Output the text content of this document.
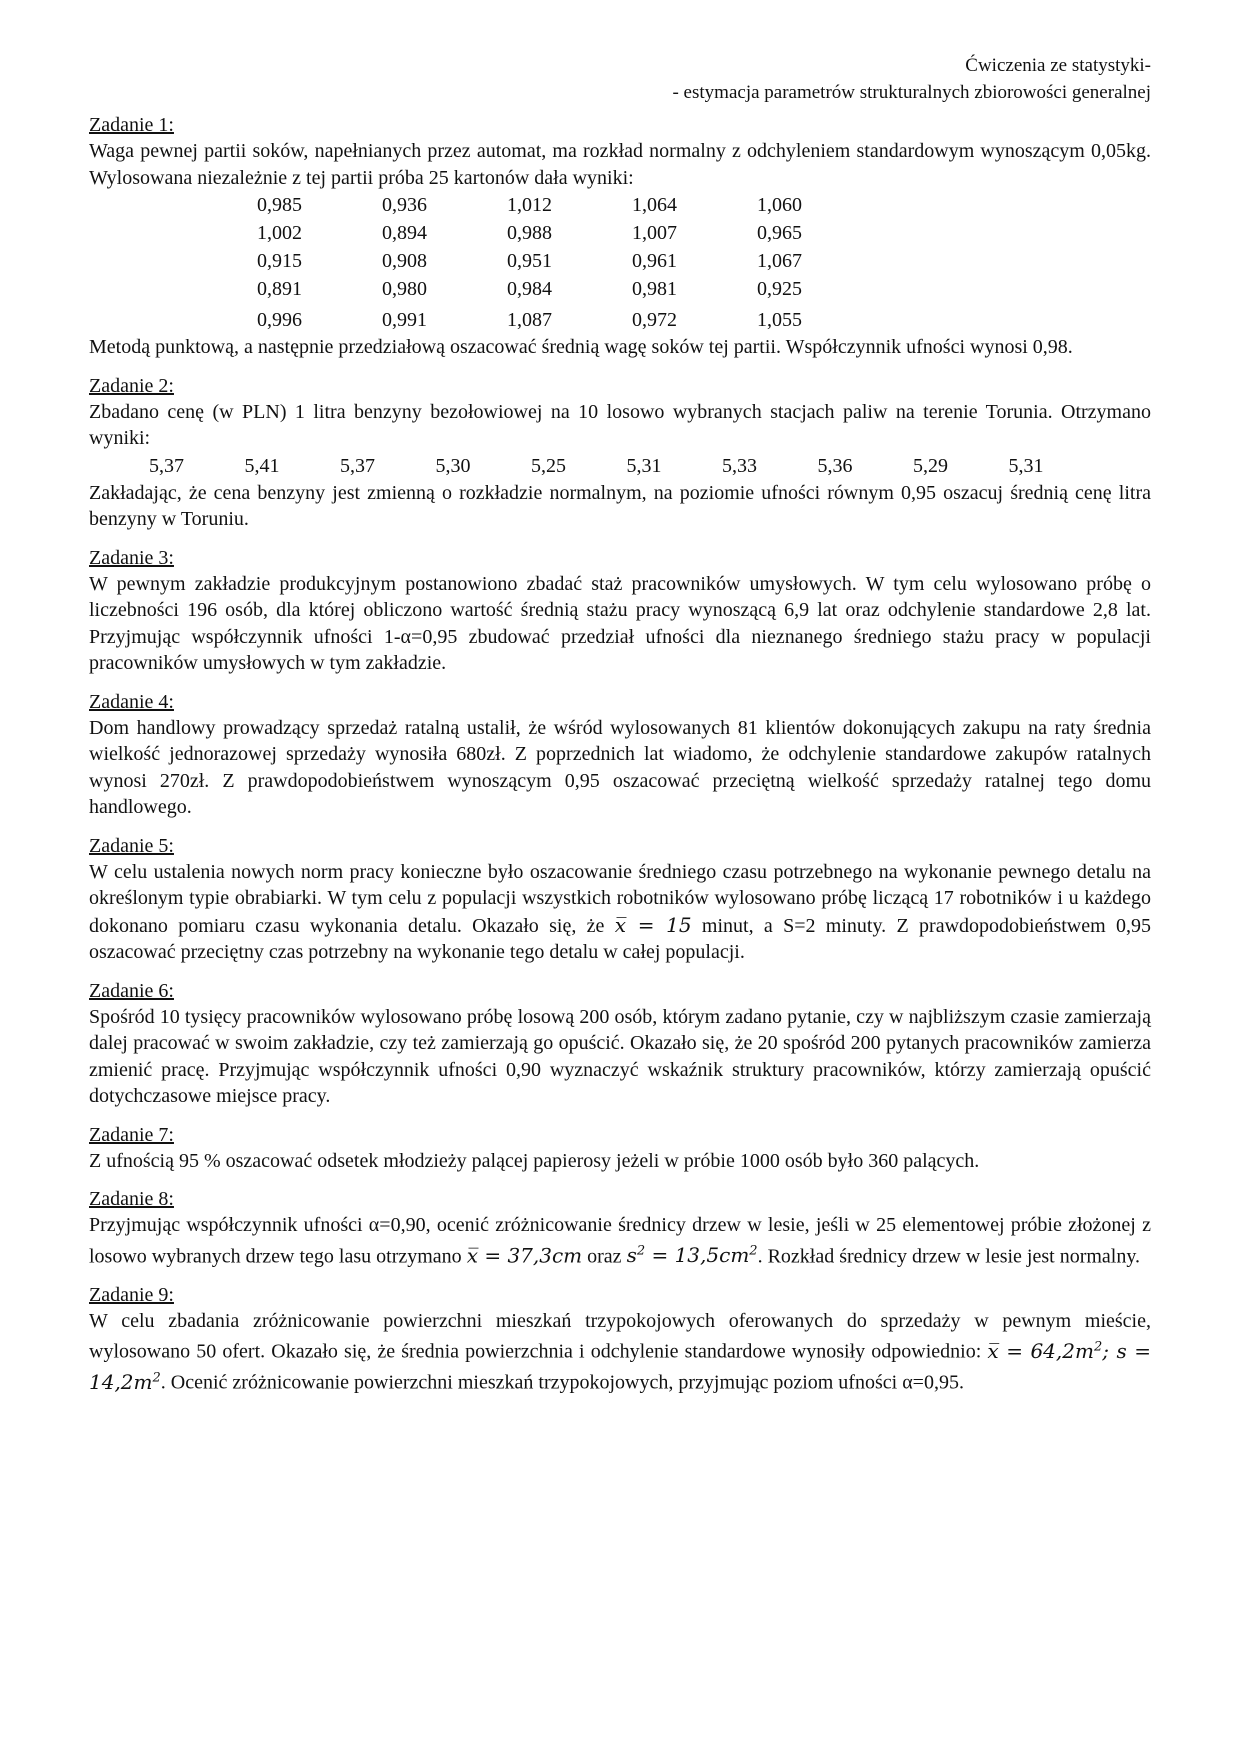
Ćwiczenia ze statystyki-
- estymacja parametrów strukturalnych zbiorowości generalnej
Zadanie 1:

Waga pewnej partii soków, napełnianych przez automat, ma rozkład normalny z odchyleniem standardowym wynoszącym 0,05kg. Wylosowana niezależnie z tej partii próba 25 kartonów dała wyniki:

0,985	0,936	1,012	1,064	1,060
1,002	0,894	0,988	1,007	0,965
0,915	0,908	0,951	0,961	1,067
0,891	0,980	0,984	0,981	0,925
0,996	0,991	1,087	0,972	1,055

Metodą punktową, a następnie przedziałową oszacować średnią wagę soków tej partii. Współczynnik ufności wynosi 0,98.

Zadanie 2:

Zbadano cenę (w PLN) 1 litra benzyny bezołowiowej na 10 losowo wybranych stacjach paliw na terenie Torunia. Otrzymano wyniki:

5,37	5,41	5,37	5,30	5,25	5,31	5,33	5,36	5,29	5,31

Zakładając, że cena benzyny jest zmienną o rozkładzie normalnym, na poziomie ufności równym 0,95 oszacuj średnią cenę litra benzyny w Toruniu.

Zadanie 3:

W pewnym zakładzie produkcyjnym postanowiono zbadać staż pracowników umysłowych. W tym celu wylosowano próbę o liczebności 196 osób, dla której obliczono wartość średnią stażu pracy wynoszącą 6,9 lat oraz odchylenie standardowe 2,8 lat. Przyjmując współczynnik ufności 1-α=0,95 zbudować przedział ufności dla nieznanego średniego stażu pracy w populacji pracowników umysłowych w tym zakładzie.

Zadanie 4:

Dom handlowy prowadzący sprzedaż ratalną ustalił, że wśród wylosowanych 81 klientów dokonujących zakupu na raty średnia wielkość jednorazowej sprzedaży wynosiła 680zł. Z poprzednich lat wiadomo, że odchylenie standardowe zakupów ratalnych wynosi 270zł. Z prawdopodobieństwem wynoszącym 0,95 oszacować przeciętną wielkość sprzedaży ratalnej tego domu handlowego.

Zadanie 5:

W celu ustalenia nowych norm pracy konieczne było oszacowanie średniego czasu potrzebnego na wykonanie pewnego detalu na określonym typie obrabiarki. W tym celu z populacji wszystkich robotników wylosowano próbę liczącą 17 robotników i u każdego dokonano pomiaru czasu wykonania detalu. Okazało się, że x̅ = 15 minut, a S=2 minuty. Z prawdopodobieństwem 0,95 oszacować przeciętny czas potrzebny na wykonanie tego detalu w całej populacji.

Zadanie 6:

Spośród 10 tysięcy pracowników wylosowano próbę losową 200 osób, którym zadano pytanie, czy w najbliższym czasie zamierzają dalej pracować w swoim zakładzie, czy też zamierzają go opuścić. Okazało się, że 20 spośród 200 pytanych pracowników zamierza zmienić pracę. Przyjmując współczynnik ufności 0,90 wyznaczyć wskaźnik struktury pracowników, którzy zamierzają opuścić dotychczasowe miejsce pracy.

Zadanie 7:

Z ufnością 95 % oszacować odsetek młodzieży palącej papierosy jeżeli w próbie 1000 osób było 360 palących.

Zadanie 8:

Przyjmując współczynnik ufności α=0,90, ocenić zróżnicowanie średnicy drzew w lesie, jeśli w 25 elementowej próbie złożonej z losowo wybranych drzew tego lasu otrzymano x̅ = 37,3cm oraz $s^2 = 13,5cm^2$. Rozkład średnicy drzew w lesie jest normalny.

Zadanie 9:

W celu zbadania zróżnicowanie powierzchni mieszkań trzypokojowych oferowanych do sprzedaży w pewnym mieście, wylosowano 50 ofert. Okazało się, że średnia powierzchnia i odchylenie standardowe wynosiły odpowiednio: x̅ = $64,2m^2$; $s = 14,2m^2$. Ocenić zróżnicowanie powierzchni mieszkań trzypokojowych, przyjmując poziom ufności α=0,95.
